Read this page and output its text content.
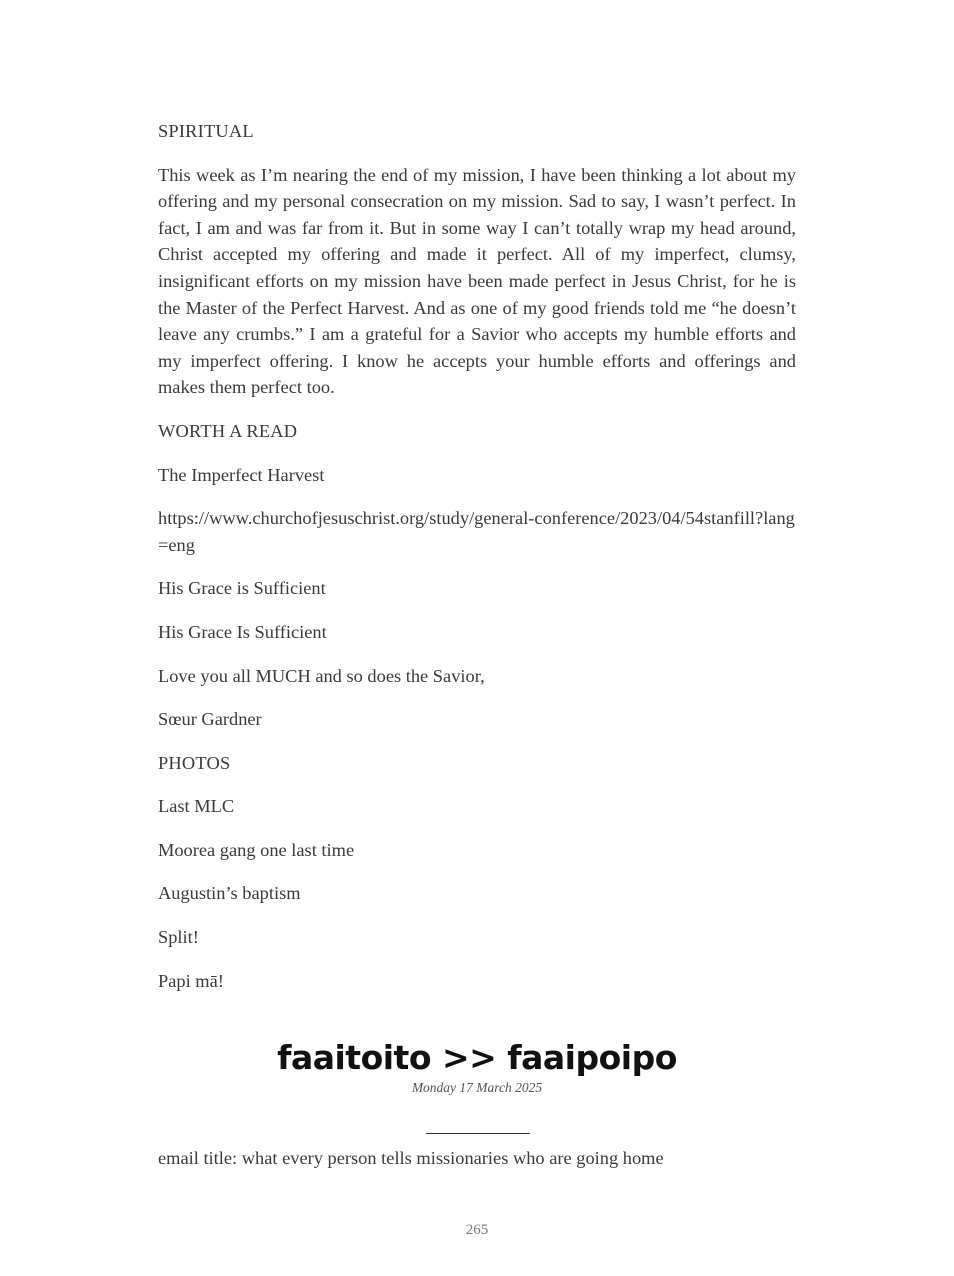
SPIRITUAL

This week as I’m nearing the end of my mission, I have been thinking a lot about my offering and my personal consecration on my mission. Sad to say, I wasn’t perfect. In fact, I am and was far from it. But in some way I can’t totally wrap my head around, Christ accepted my offering and made it perfect. All of my imperfect, clumsy, insignificant efforts on my mission have been made perfect in Jesus Christ, for he is the Master of the Perfect Harvest. And as one of my good friends told me “he doesn’t leave any crumbs.” I am a grateful for a Savior who accepts my humble efforts and my imperfect offering. I know he accepts your humble efforts and offerings and makes them perfect too.

WORTH A READ

The Imperfect Harvest

https://www.churchofjesuschrist.org/study/general-conference/2023/04/54stanfill?lang=eng

His Grace is Sufficient

His Grace Is Sufficient

Love you all MUCH and so does the Savior,

Sœur Gardner

PHOTOS

Last MLC

Moorea gang one last time

Augustin’s baptism

Split!

Papi mā!

faaitoito >> faaipoipo
Monday 17 March 2025

email title: what every person tells missionaries who are going home

265
